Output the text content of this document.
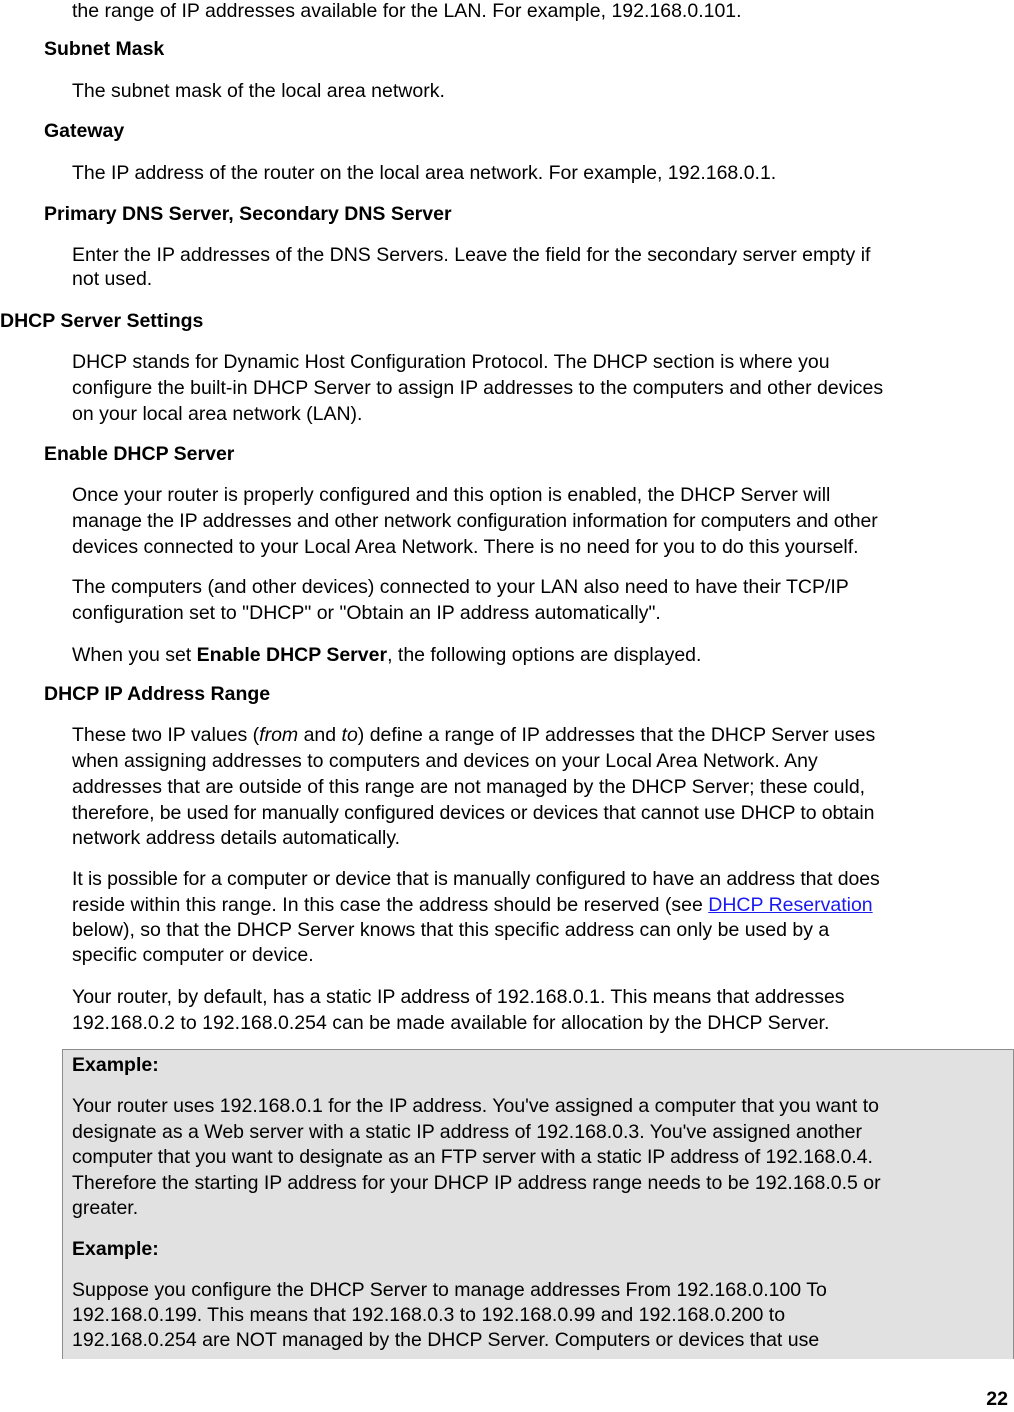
the range of IP addresses available for the LAN. For example, 192.168.0.101.
Subnet Mask
The subnet mask of the local area network.
Gateway
The IP address of the router on the local area network. For example, 192.168.0.1.
Primary DNS Server, Secondary DNS Server
Enter the IP addresses of the DNS Servers. Leave the field for the secondary server empty if
not used.
DHCP Server Settings
DHCP stands for Dynamic Host Configuration Protocol. The DHCP section is where you
configure the built-in DHCP Server to assign IP addresses to the computers and other devices
on your local area network (LAN).
Enable DHCP Server
Once your router is properly configured and this option is enabled, the DHCP Server will
manage the IP addresses and other network configuration information for computers and other
devices connected to your Local Area Network. There is no need for you to do this yourself.
The computers (and other devices) connected to your LAN also need to have their TCP/IP
configuration set to "DHCP" or "Obtain an IP address automatically".
When you set Enable DHCP Server, the following options are displayed.
DHCP IP Address Range
These two IP values (from and to) define a range of IP addresses that the DHCP Server uses
when assigning addresses to computers and devices on your Local Area Network. Any
addresses that are outside of this range are not managed by the DHCP Server; these could,
therefore, be used for manually configured devices or devices that cannot use DHCP to obtain
network address details automatically.
It is possible for a computer or device that is manually configured to have an address that does
reside within this range. In this case the address should be reserved (see DHCP Reservation
below), so that the DHCP Server knows that this specific address can only be used by a
specific computer or device.
Your router, by default, has a static IP address of 192.168.0.1. This means that addresses
192.168.0.2 to 192.168.0.254 can be made available for allocation by the DHCP Server.
Example:
Your router uses 192.168.0.1 for the IP address. You've assigned a computer that you want to
designate as a Web server with a static IP address of 192.168.0.3. You've assigned another
computer that you want to designate as an FTP server with a static IP address of 192.168.0.4.
Therefore the starting IP address for your DHCP IP address range needs to be 192.168.0.5 or
greater.
Example:
Suppose you configure the DHCP Server to manage addresses From 192.168.0.100 To
192.168.0.199. This means that 192.168.0.3 to 192.168.0.99 and 192.168.0.200 to
192.168.0.254 are NOT managed by the DHCP Server. Computers or devices that use
22
